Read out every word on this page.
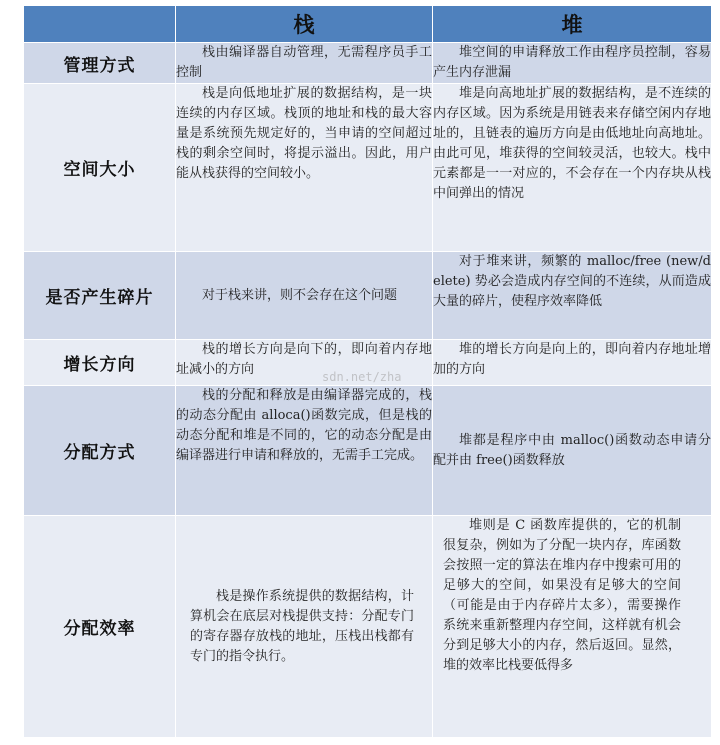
	栈	堆
管理方式	栈由编译器自动管理，无需程序员手工控制	堆空间的申请释放工作由程序员控制，容易产生内存泄漏

空间大小	栈是向低地址扩展的数据结构，是一块连续的内存区域。栈顶的地址和栈的最大容量是系统预先规定好的，当申请的空间超过栈的剩余空间时，将提示溢出。因此，用户能从栈获得的空间较小。	堆是向高地址扩展的数据结构，是不连续的内存区域。因为系统是用链表来存储空闲内存地址的，且链表的遍历方向是由低地址向高地址。由此可见，堆获得的空间较灵活，也较大。栈中元素都是一一对应的，不会存在一个内存块从栈中间弹出的情况

是否产生碎片	对于栈来讲，则不会存在这个问题	对于堆来讲，频繁的 malloc/free (new/delete) 势必会造成内存空间的不连续，从而造成大量的碎片，使程序效率降低

增长方向	栈的增长方向是向下的，即向着内存地址减小的方向	堆的增长方向是向上的，即向着内存地址增加的方向

分配方式	栈的分配和释放是由编译器完成的，栈的动态分配由 alloca()函数完成，但是栈的动态分配和堆是不同的，它的动态分配是由编译器进行申请和释放的，无需手工完成。	堆都是程序中由 malloc()函数动态申请分配并由 free()函数释放

分配效率	栈是操作系统提供的数据结构，计算机会在底层对栈提供支持：分配专门的寄存器存放栈的地址，压栈出栈都有专门的指令执行。	堆则是 C 函数库提供的，它的机制很复杂，例如为了分配一块内存，库函数会按照一定的算法在堆内存中搜索可用的足够大的空间，如果没有足够大的空间（可能是由于内存碎片太多），需要操作系统来重新整理内存空间，这样就有机会分到足够大小的内存，然后返回。显然，堆的效率比栈要低得多
sdn.net/zha
